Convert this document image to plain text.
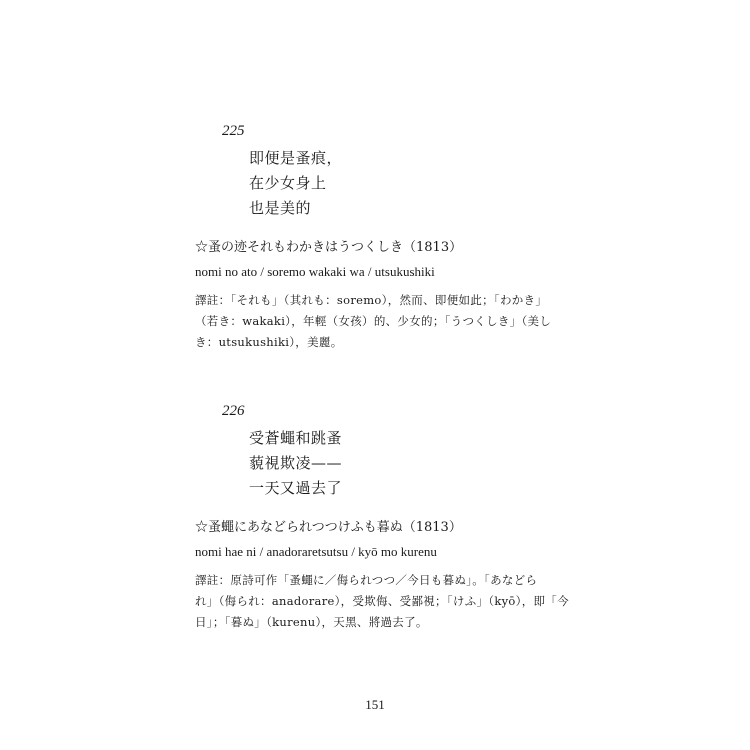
225
即便是蚤痕，
在少女身上
也是美的
☆蚤の迹それもわかきはうつくしき（1813）
nomi no ato / soremo wakaki wa / utsukushiki
譯註：「それも」（其れも：soremo），然而、即便如此；「わかき」
（若き：wakaki），年輕（女孩）的、少女的；「うつくしき」（美し
き：utsukushiki），美麗。
226
受蒼蠅和跳蚤
藐視欺凌——
一天又過去了
☆蚤蠅にあなどられつつけふも暮ぬ（1813）
nomi hae ni / anadoraretsutsu / kyō mo kurenu
譯註：原詩可作「蚤蠅に／侮られつつ／今日も暮ぬ」。「あなどら
れ」（侮られ：anadorare），受欺侮、受鄙視；「けふ」（kyō），即「今
日」；「暮ぬ」（kurenu），天黑、將過去了。
151
